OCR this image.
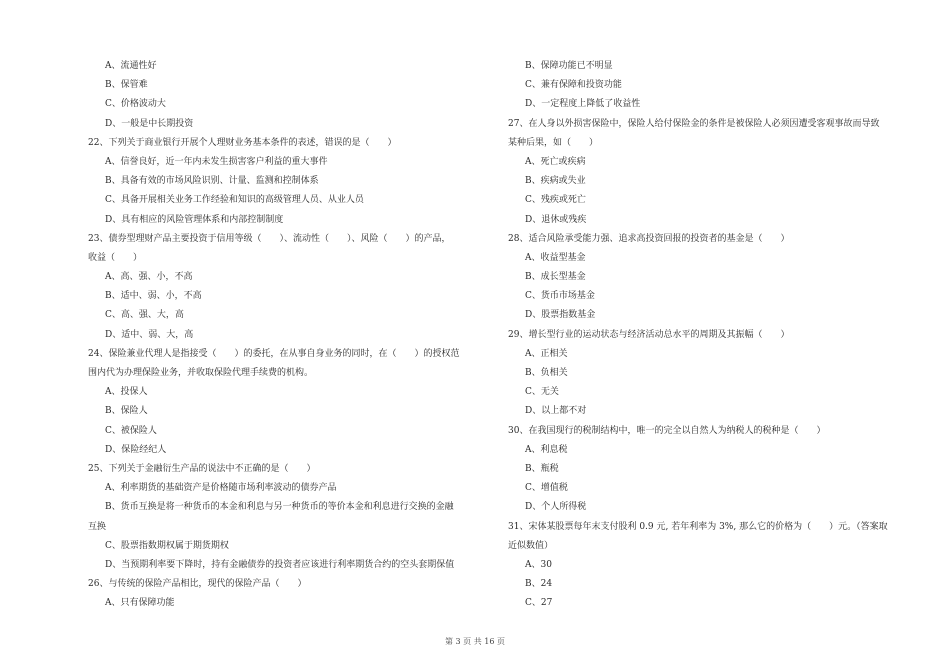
A、流通性好
B、保管难
C、价格波动大
D、一般是中长期投资
22、下列关于商业银行开展个人理财业务基本条件的表述，错误的是（　　）
A、信誉良好，近一年内未发生损害客户利益的重大事件
B、具备有效的市场风险识别、计量、监测和控制体系
C、具备开展相关业务工作经验和知识的高级管理人员、从业人员
D、具有相应的风险管理体系和内部控制制度
23、债券型理财产品主要投资于信用等级（　　）、流动性（　　）、风险（　　）的产品，
收益（　　）
A、高、强、小，不高
B、适中、弱、小，不高
C、高、强、大，高
D、适中、弱、大，高
24、保险兼业代理人是指接受（　　）的委托，在从事自身业务的同时，在（　　）的授权范
围内代为办理保险业务，并收取保险代理手续费的机构。
A、投保人
B、保险人
C、被保险人
D、保险经纪人
25、下列关于金融衍生产品的说法中不正确的是（　　）
A、利率期货的基础资产是价格随市场利率波动的债券产品
B、货币互换是将一种货币的本金和利息与另一种货币的等价本金和利息进行交换的金融
互换
C、股票指数期权属于期货期权
D、当预期利率要下降时，持有金融债券的投资者应该进行利率期货合约的空头套期保值
26、与传统的保险产品相比，现代的保险产品（　　）
A、只有保障功能
B、保障功能已不明显
C、兼有保障和投资功能
D、一定程度上降低了收益性
27、在人身以外损害保险中，保险人给付保险金的条件是被保险人必须因遭受客观事故而导致
某种后果，如（　　）
A、死亡或疾病
B、疾病或失业
C、残疾或死亡
D、退休或残疾
28、适合风险承受能力强、追求高投资回报的投资者的基金是（　　）
A、收益型基金
B、成长型基金
C、货币市场基金
D、股票指数基金
29、增长型行业的运动状态与经济活动总水平的周期及其振幅（　　）
A、正相关
B、负相关
C、无关
D、以上都不对
30、在我国现行的税制结构中，唯一的完全以自然人为纳税人的税种是（　　）
A、利息税
B、瓶税
C、增值税
D、个人所得税
31、宋体某股票每年末支付股利 0.9 元, 若年利率为 3%, 那么它的价格为（　　）元。（答案取
近似数值）
A、30
B、24
C、27
第 3 页 共 16 页
